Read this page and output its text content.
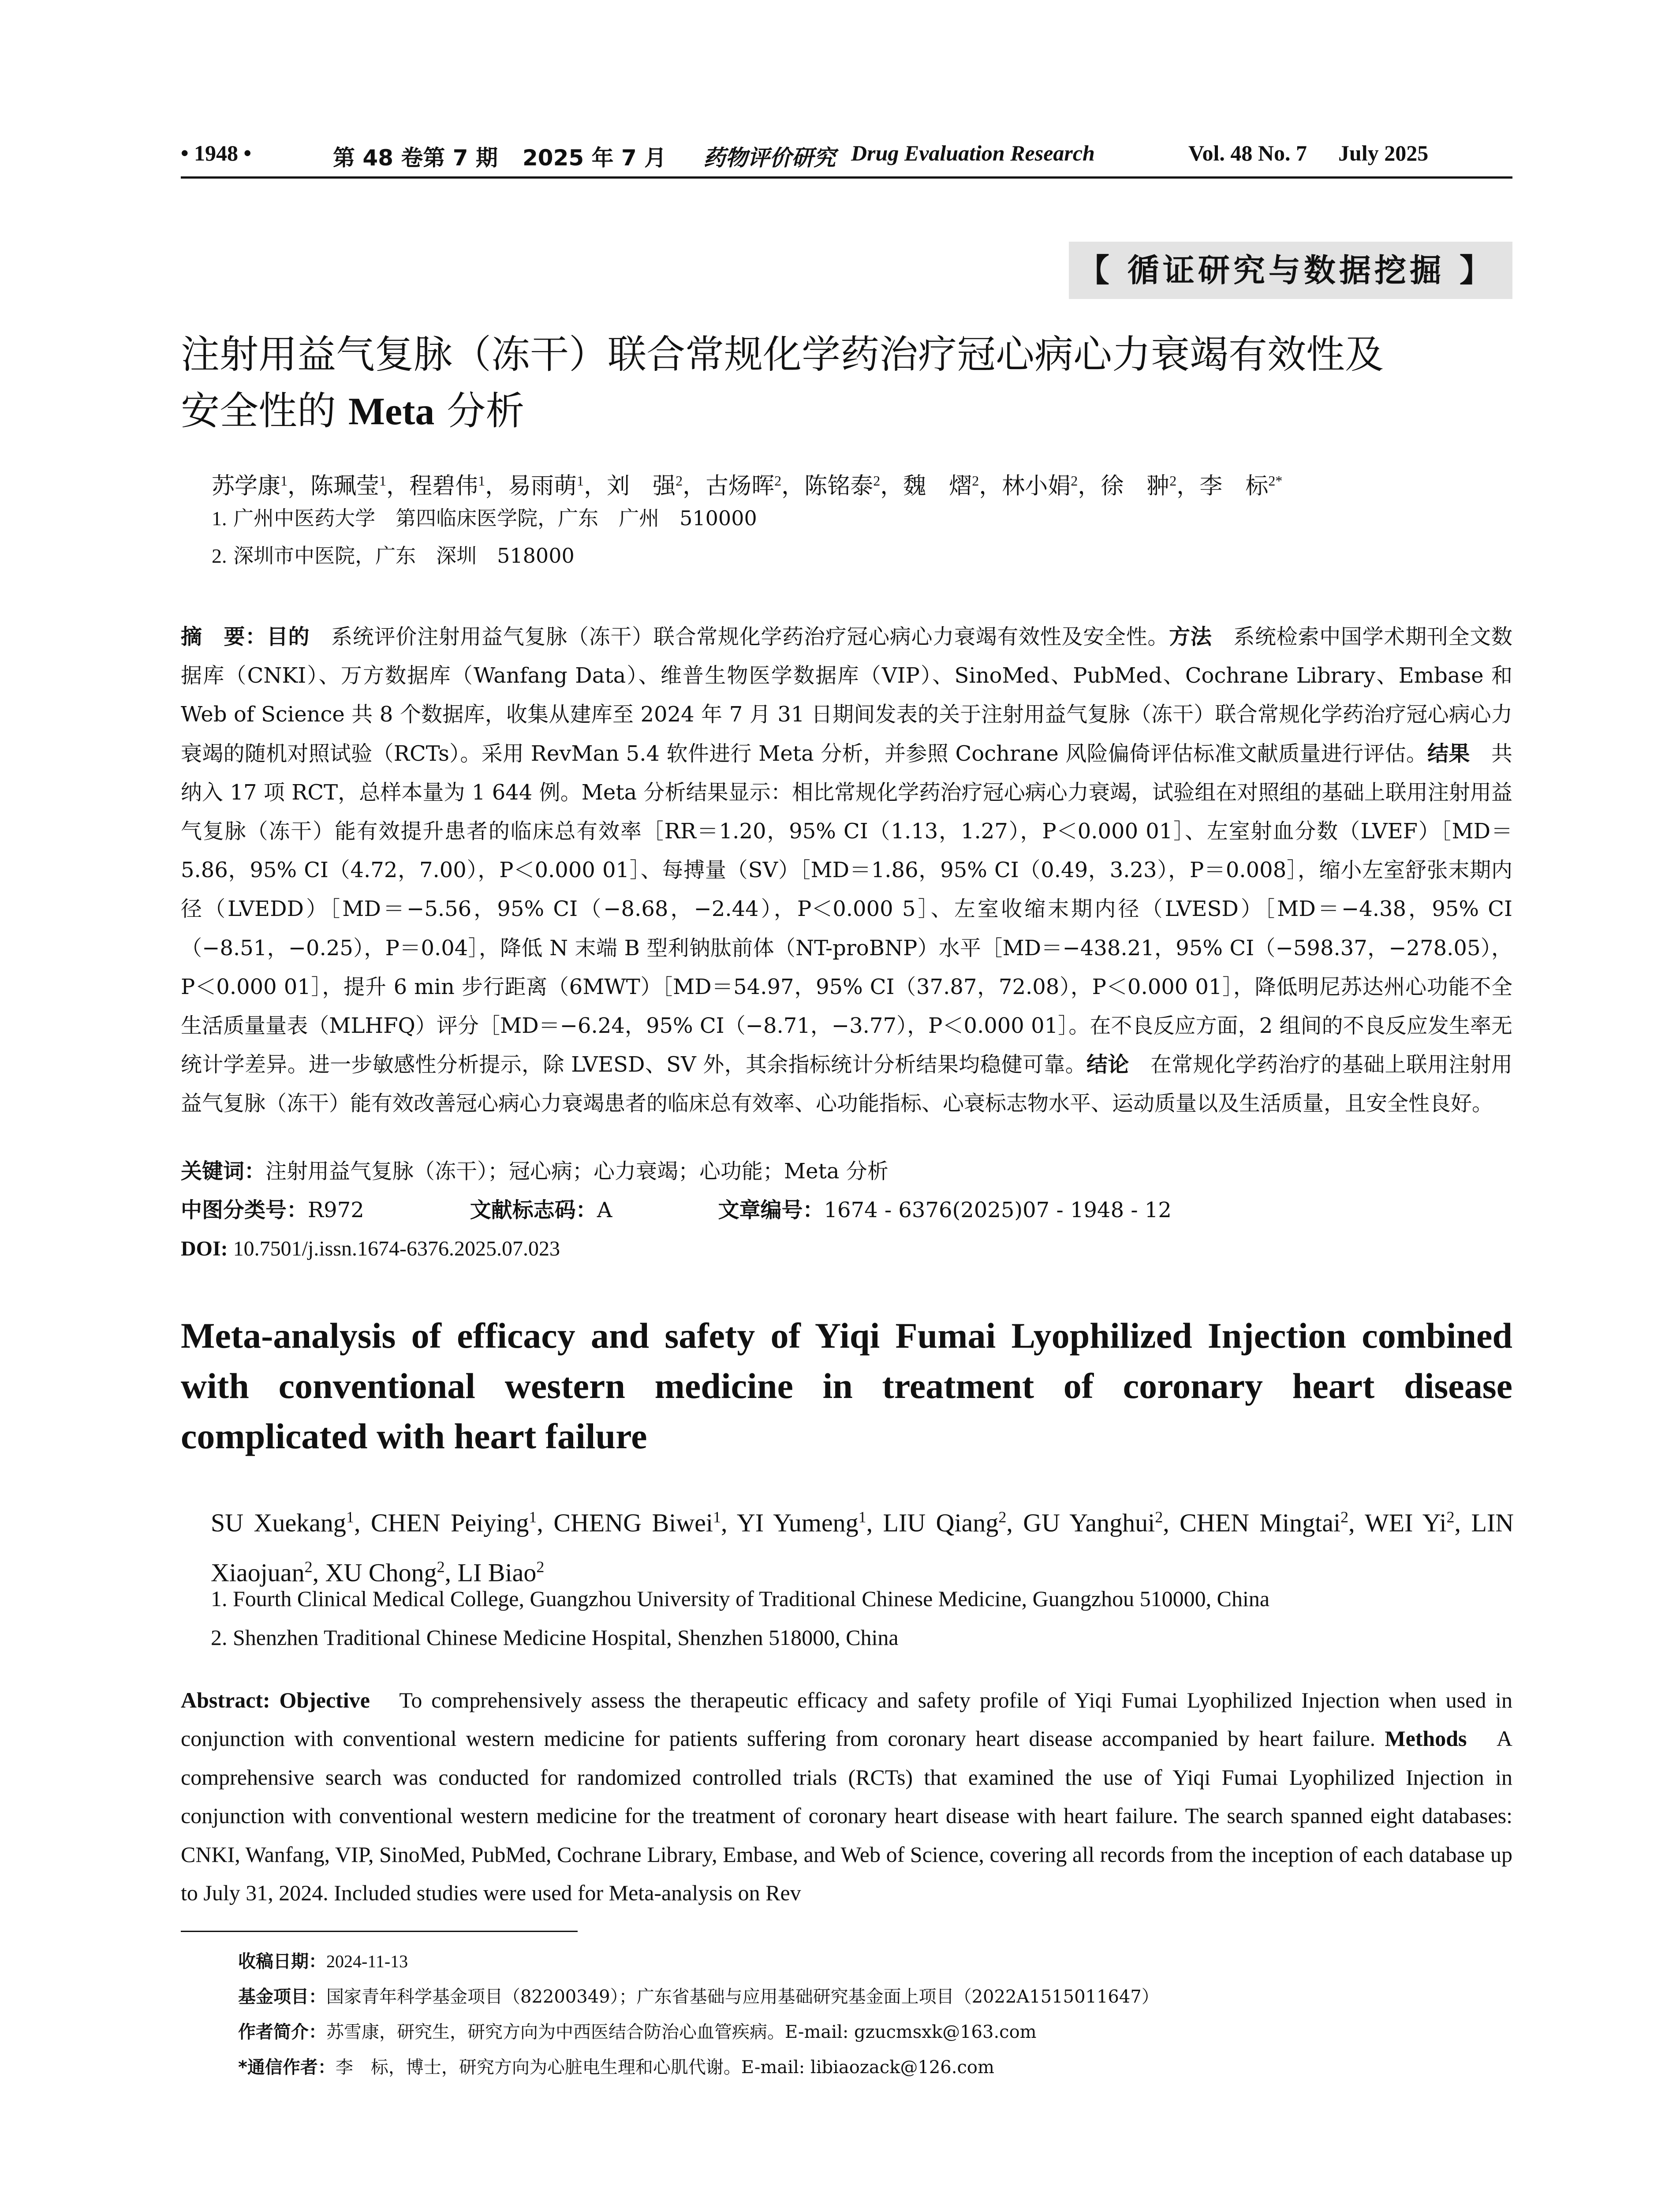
• 1948 •	第 48 卷第 7 期 2025 年 7 月 药物评价研究 Drug Evaluation Research	Vol. 48 No. 7 July 2025
【 循证研究与数据挖掘 】
注射用益气复脉（冻干）联合常规化学药治疗冠心病心力衰竭有效性及
安全性的 Meta 分析
苏学康$^1$，陈珮莹$^1$，程碧伟$^1$，易雨萌$^1$，刘　强$^2$，古炀晖$^2$，陈铭泰$^2$，魏　熠$^2$，林小娟$^2$，徐　翀$^2$，李　标$^{2*}$
1. 广州中医药大学　第四临床医学院，广东　广州　510000
2. 深圳市中医院，广东　深圳　518000
摘　要：目的　系统评价注射用益气复脉（冻干）联合常规化学药治疗冠心病心力衰竭有效性及安全性。方法　系统检索中国学术期刊全文数据库（CNKI）、万方数据库（Wanfang Data）、维普生物医学数据库（VIP）、SinoMed、PubMed、Cochrane Library、Embase 和 Web of Science 共 8 个数据库，收集从建库至 2024 年 7 月 31 日期间发表的关于注射用益气复脉（冻干）联合常规化学药治疗冠心病心力衰竭的随机对照试验（RCTs）。采用 RevMan 5.4 软件进行 Meta 分析，并参照 Cochrane 风险偏倚评估标准文献质量进行评估。结果　共纳入 17 项 RCT，总样本量为 1 644 例。Meta 分析结果显示：相比常规化学药治疗冠心病心力衰竭，试验组在对照组的基础上联用注射用益气复脉（冻干）能有效提升患者的临床总有效率［RR＝1.20，95% CI（1.13，1.27），P＜0.000 01］、左室射血分数（LVEF）［MD＝5.86，95% CI（4.72，7.00），P＜0.000 01］、每搏量（SV）［MD＝1.86，95% CI（0.49，3.23），P＝0.008］，缩小左室舒张末期内径（LVEDD）［MD＝−5.56，95% CI（−8.68，−2.44），P＜0.000 5］、左室收缩末期内径（LVESD）［MD＝−4.38，95% CI（−8.51，−0.25），P＝0.04］，降低 N 末端 B 型利钠肽前体（NT-proBNP）水平［MD＝−438.21，95% CI（−598.37，−278.05），P＜0.000 01］，提升 6 min 步行距离（6MWT）［MD＝54.97，95% CI（37.87，72.08），P＜0.000 01］，降低明尼苏达州心功能不全生活质量量表（MLHFQ）评分［MD＝−6.24，95% CI（−8.71，−3.77），P＜0.000 01］。在不良反应方面，2 组间的不良反应发生率无统计学差异。进一步敏感性分析提示，除 LVESD、SV 外，其余指标统计分析结果均稳健可靠。结论　在常规化学药治疗的基础上联用注射用益气复脉（冻干）能有效改善冠心病心力衰竭患者的临床总有效率、心功能指标、心衰标志物水平、运动质量以及生活质量，且安全性良好。
关键词：注射用益气复脉（冻干）；冠心病；心力衰竭；心功能；Meta 分析
中图分类号：R972	文献标志码：A	文章编号：1674 - 6376(2025)07 - 1948 - 12
DOI: 10.7501/j.issn.1674-6376.2025.07.023
Meta-analysis of efficacy and safety of Yiqi Fumai Lyophilized Injection combined with conventional western medicine in treatment of coronary heart disease complicated with heart failure
SU Xuekang$^1$, CHEN Peiying$^1$, CHENG Biwei$^1$, YI Yumeng$^1$, LIU Qiang$^2$, GU Yanghui$^2$, CHEN Mingtai$^2$, WEI Yi$^2$, LIN Xiaojuan$^2$, XU Chong$^2$, LI Biao$^2$
1. Fourth Clinical Medical College, Guangzhou University of Traditional Chinese Medicine, Guangzhou 510000, China
2. Shenzhen Traditional Chinese Medicine Hospital, Shenzhen 518000, China
Abstract: Objective　To comprehensively assess the therapeutic efficacy and safety profile of Yiqi Fumai Lyophilized Injection when used in conjunction with conventional western medicine for patients suffering from coronary heart disease accompanied by heart failure. Methods　A comprehensive search was conducted for randomized controlled trials (RCTs) that examined the use of Yiqi Fumai Lyophilized Injection in conjunction with conventional western medicine for the treatment of coronary heart disease with heart failure. The search spanned eight databases: CNKI, Wanfang, VIP, SinoMed, PubMed, Cochrane Library, Embase, and Web of Science, covering all records from the inception of each database up to July 31, 2024. Included studies were used for Meta-analysis on Rev
收稿日期：2024-11-13
基金项目：国家青年科学基金项目（82200349）；广东省基础与应用基础研究基金面上项目（2022A1515011647）
作者简介：苏雪康，研究生，研究方向为中西医结合防治心血管疾病。E-mail: gzucmsxk@163.com
*通信作者：李　标，博士，研究方向为心脏电生理和心肌代谢。E-mail: libiaozack@126.com
